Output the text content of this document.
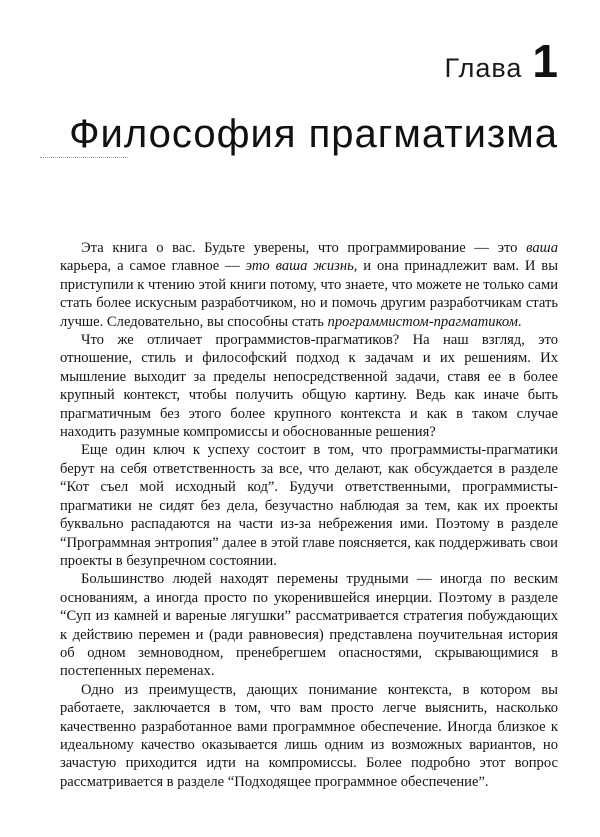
Глава 1
Философия прагматизма

Эта книга о вас. Будьте уверены, что программирование — это ваша карьера, а самое главное — это ваша жизнь, и она принадлежит вам. И вы приступили к чтению этой книги потому, что знаете, что можете не только сами стать более искусным разработчиком, но и помочь другим разработчикам стать лучше. Следовательно, вы способны стать программистом-прагматиком.

Что же отличает программистов-прагматиков? На наш взгляд, это отношение, стиль и философский подход к задачам и их решениям. Их мышление выходит за пределы непосредственной задачи, ставя ее в более крупный контекст, чтобы получить общую картину. Ведь как иначе быть прагматичным без этого более крупного контекста и как в таком случае находить разумные компромиссы и обоснованные решения?

Еще один ключ к успеху состоит в том, что программисты-прагматики берут на себя ответственность за все, что делают, как обсуждается в разделе “Кот съел мой исходный код”. Будучи ответственными, программисты-прагматики не сидят без дела, безучастно наблюдая за тем, как их проекты буквально распадаются на части из-за небрежения ими. Поэтому в разделе “Программная энтропия” далее в этой главе поясняется, как поддерживать свои проекты в безупречном состоянии.

Большинство людей находят перемены трудными — иногда по веским основаниям, а иногда просто по укоренившейся инерции. Поэтому в разделе “Суп из камней и вареные лягушки” рассматривается стратегия побуждающих к действию перемен и (ради равновесия) представлена поучительная история об одном земноводном, пренебрегшем опасностями, скрывающимися в постепенных переменах.

Одно из преимуществ, дающих понимание контекста, в котором вы работаете, заключается в том, что вам просто легче выяснить, насколько качественно разработанное вами программное обеспечение. Иногда близкое к идеальному качество оказывается лишь одним из возможных вариантов, но зачастую приходится идти на компромиссы. Более подробно этот вопрос рассматривается в разделе “Подходящее программное обеспечение”.
